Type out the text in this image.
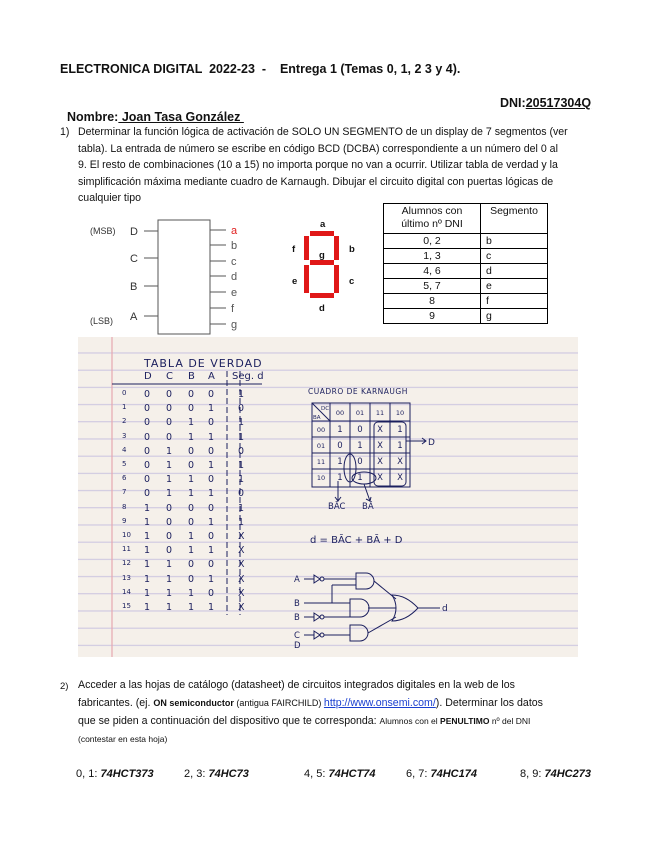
ELECTRONICA DIGITAL  2022-23  -    Entrega 1 (Temas 0, 1, 2 3 y 4).

Nombre: Joan Tasa González

DNI:20517304Q
1) Determinar la función lógica de activación de SOLO UN SEGMENTO de un display de 7 segmentos (ver
tabla). La entrada de número se escribe en código BCD (DCBA) correspondiente a un número del 0 al
9. El resto de combinaciones (10 a 15) no importa porque no van a ocurrir. Utilizar tabla de verdad y la
simplificación máxima mediante cuadro de Karnaugh. Dibujar el circuito digital con puertas lógicas de
cualquier tipo
(MSB)
(LSB)
D
C
B
A
a
b
c
d
e
f
g
a
f	b
g
e	c
d
Alumnos con último nº DNI	Segmento
0, 2	b
1, 3	c
4, 6	d
5, 7	e
8	f
9	g
TABLA DE VERDAD
D C B A Seg. d
0 0 0 0 0	1
1 0 0 0 1	0
2 0 0 1 0	1
3 0 0 1 1	1
4 0 1 0 0	0
5 0 1 0 1	1
6 0 1 1 0	1
7 0 1 1 1	0
8 1 0 0 0	1
9 1 0 0 1	1
10 1 0 1 0	X
11 1 0 1 1	X
12 1 1 0 0	X
13 1 1 0 1	X
14 1 1 1 0	X
15 1 1 1 1	X
CUADRO DE KARNAUGH
D
DC
BA
00 01 11 10
00
01
11
10
1 0 X 1
0 1 X 1
1 0 X X
1 1 X X
BĀC BĀ
d = BĀC + BĀ + D
A
B
B
C
D
d
2) Acceder a las hojas de catálogo (datasheet) de circuitos integrados digitales en la web de los
fabricantes. (ej. ON semiconductor (antigua FAIRCHILD) http://www.onsemi.com/). Determinar los datos
que se piden a continuación del dispositivo que te corresponda: Alumnos con el PENULTIMO nº del DNI
(contestar en esta hoja)
0, 1: 74HCT373	2, 3: 74HC73	4, 5: 74HCT74	6, 7: 74HC174	8, 9: 74HC273
